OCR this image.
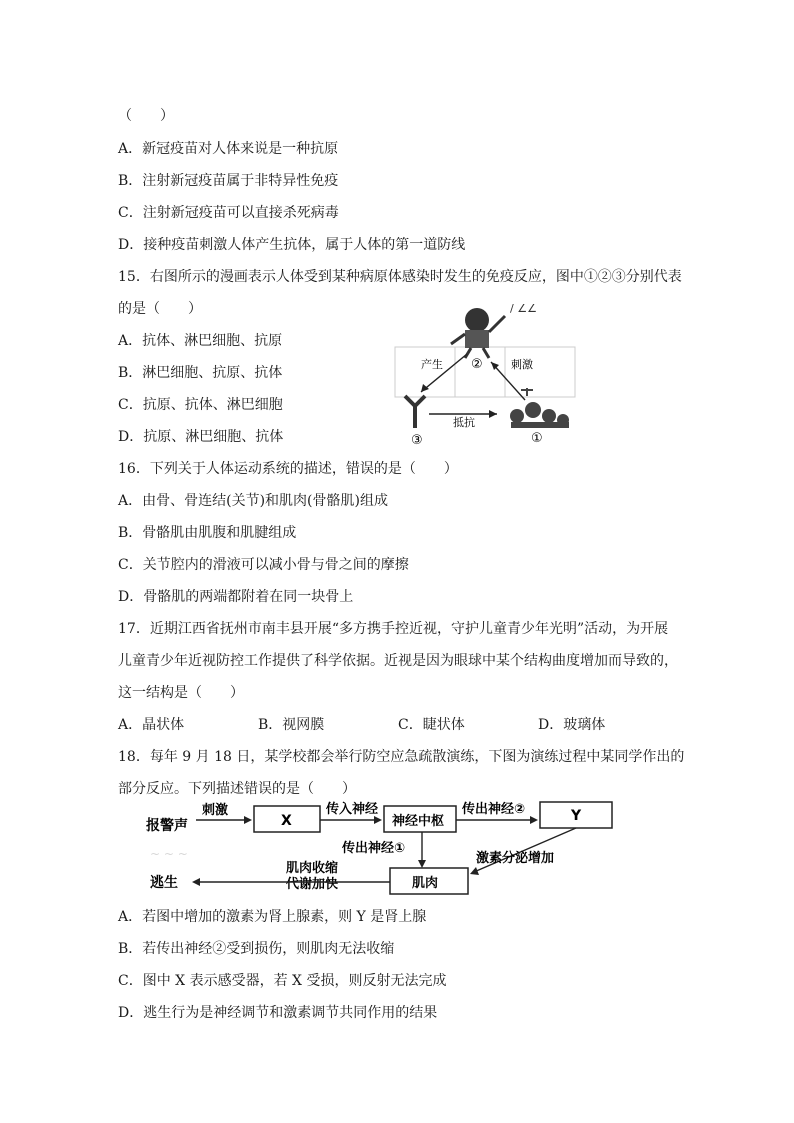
（　　）
A．新冠疫苗对人体来说是一种抗原
B．注射新冠疫苗属于非特异性免疫
C．注射新冠疫苗可以直接杀死病毒
D．接种疫苗刺激人体产生抗体，属于人体的第一道防线
15．右图所示的漫画表示人体受到某种病原体感染时发生的免疫反应，图中①②③分别代表
的是（　　）
A．抗体、淋巴细胞、抗原
B．淋巴细胞、抗原、抗体
C．抗原、抗体、淋巴细胞
D．抗原、淋巴细胞、抗体
/ ∠∠
②
产生	刺激
抵抗
③	①
16．下列关于人体运动系统的描述，错误的是（　　）
A．由骨、骨连结(关节)和肌肉(骨骼肌)组成
B．骨骼肌由肌腹和肌腱组成
C．关节腔内的滑液可以减小骨与骨之间的摩擦
D．骨骼肌的两端都附着在同一块骨上
17．近期江西省抚州市南丰县开展“多方携手控近视，守护儿童青少年光明”活动，为开展
儿童青少年近视防控工作提供了科学依据。近视是因为眼球中某个结构曲度增加而导致的，
这一结构是（　　）
A．晶状体	B．视网膜	C．睫状体	D．玻璃体
18．每年 9 月 18 日，某学校都会举行防空应急疏散演练，下图为演练过程中某同学作出的
部分反应。下列描述错误的是（　　）
~ ~ ~
报警声
刺激
X
传入神经
神经中枢
传出神经②	Y
传出神经①
激素分泌增加
肌肉
肌肉收缩
代谢加快
逃生
A．若图中增加的激素为肾上腺素，则 Y 是肾上腺
B．若传出神经②受到损伤，则肌肉无法收缩
C．图中 X 表示感受器，若 X 受损，则反射无法完成
D．逃生行为是神经调节和激素调节共同作用的结果
